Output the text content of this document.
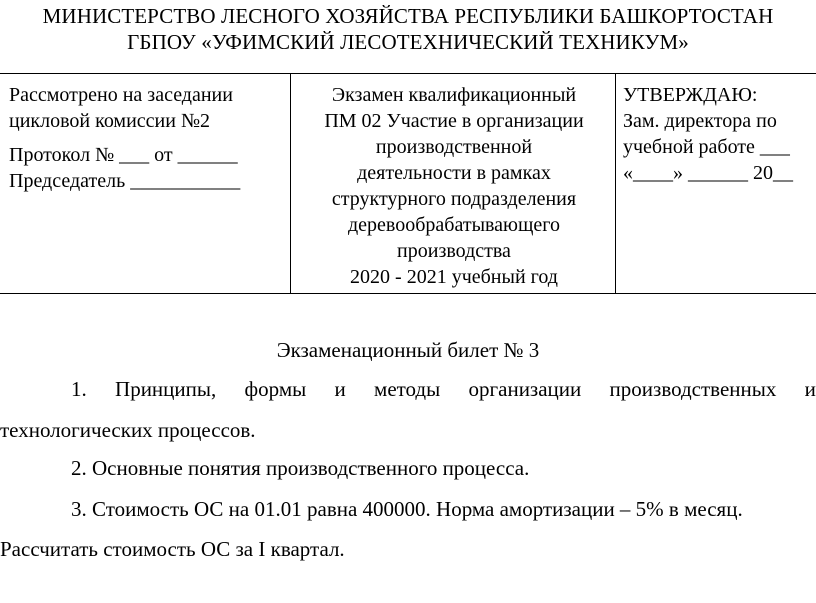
МИНИСТЕРСТВО ЛЕСНОГО ХОЗЯЙСТВА РЕСПУБЛИКИ БАШКОРТОСТАН
ГБПОУ «УФИМСКИЙ ЛЕСОТЕХНИЧЕСКИЙ ТЕХНИКУМ»
Рассмотрено на заседании
цикловой комиссии №2
Протокол № ___ от ______
Председатель ___________
Экзамен квалификационный
ПМ 02 Участие в организации
производственной
деятельности в рамках
структурного подразделения
деревообрабатывающего
производства
2020 - 2021 учебный год
УТВЕРЖДАЮ:
Зам. директора по
учебной работе ___
«____» ______ 20__
Экзаменационный билет № 3
1. Принципы, формы и методы организации производственных и
технологических процессов.
2. Основные понятия производственного процесса.
3. Стоимость ОС на 01.01 равна 400000. Норма амортизации – 5% в месяц.
Рассчитать стоимость ОС за I квартал.
